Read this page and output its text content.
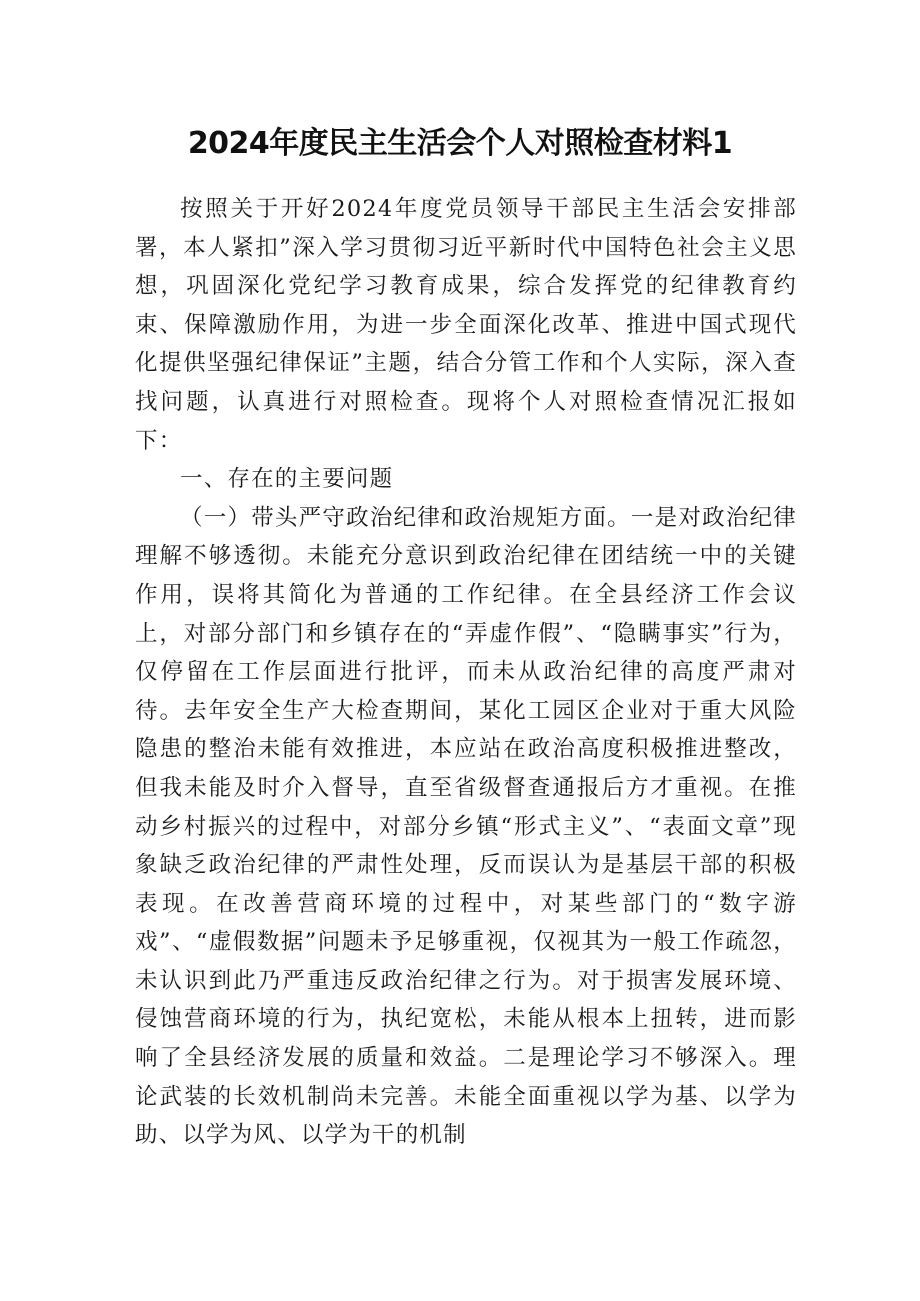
2024年度民主生活会个人对照检查材料1

按照关于开好2024年度党员领导干部民主生活会安排部署，本人紧扣”深入学习贯彻习近平新时代中国特色社会主义思想，巩固深化党纪学习教育成果，综合发挥党的纪律教育约束、保障激励作用，为进一步全面深化改革、推进中国式现代化提供坚强纪律保证”主题，结合分管工作和个人实际，深入查找问题，认真进行对照检查。现将个人对照检查情况汇报如下：

一、存在的主要问题

（一）带头严守政治纪律和政治规矩方面。一是对政治纪律理解不够透彻。未能充分意识到政治纪律在团结统一中的关键作用，误将其简化为普通的工作纪律。在全县经济工作会议上，对部分部门和乡镇存在的“弄虚作假”、“隐瞒事实”行为，仅停留在工作层面进行批评，而未从政治纪律的高度严肃对待。去年安全生产大检查期间，某化工园区企业对于重大风险隐患的整治未能有效推进，本应站在政治高度积极推进整改，但我未能及时介入督导，直至省级督查通报后方才重视。在推动乡村振兴的过程中，对部分乡镇“形式主义”、“表面文章”现象缺乏政治纪律的严肃性处理，反而误认为是基层干部的积极表现。在改善营商环境的过程中，对某些部门的“数字游戏”、“虚假数据”问题未予足够重视，仅视其为一般工作疏忽，未认识到此乃严重违反政治纪律之行为。对于损害发展环境、侵蚀营商环境的行为，执纪宽松，未能从根本上扭转，进而影响了全县经济发展的质量和效益。二是理论学习不够深入。理论武装的长效机制尚未完善。未能全面重视以学为基、以学为助、以学为风、以学为干的机制
